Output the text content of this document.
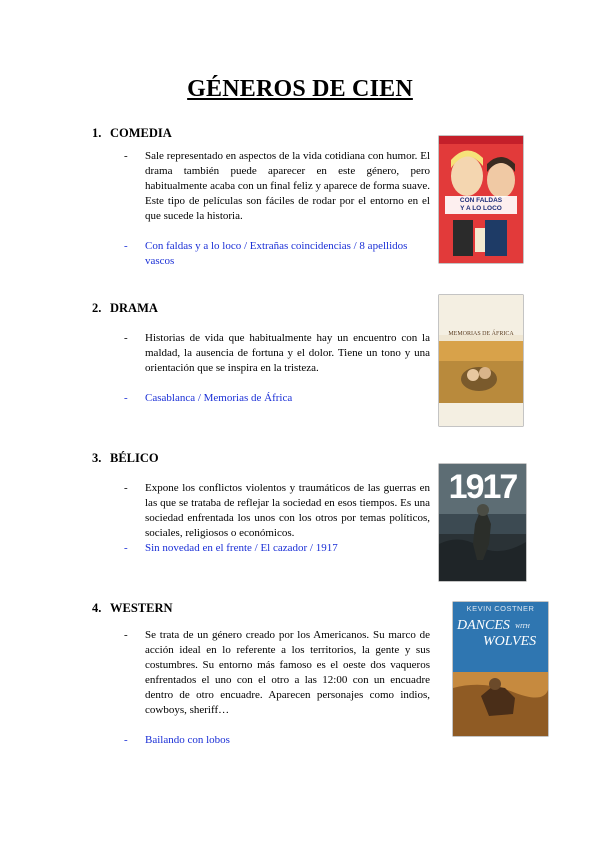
GÉNEROS DE CIEN
1. COMEDIA
- Sale representado en aspectos de la vida cotidiana con humor. El drama también puede aparecer en este género, pero habitualmente acaba con un final feliz y aparece de forma suave. Este tipo de películas son fáciles de rodar por el entorno en el que sucede la historia.
- Con faldas y a lo loco / Extrañas coincidencias / 8 apellidos vascos
CON FALDAS
Y A LO LOCO
2. DRAMA
- Historias de vida que habitualmente hay un encuentro con la maldad, la ausencia de fortuna y el dolor. Tiene un tono y una orientación que se inspira en la tristeza.
- Casablanca / Memorias de África
MEMORIAS DE ÁFRICA
3. BÉLICO
- Expone los conflictos violentos y traumáticos de las guerras en las que se trataba de reflejar la sociedad en esos tiempos. Es una sociedad enfrentada los unos con los otros por temas políticos, sociales, religiosos o económicos.
- Sin novedad en el frente / El cazador / 1917
1917
4. WESTERN
- Se trata de un género creado por los Americanos. Su marco de acción ideal en lo referente a los territorios, la gente y sus costumbres. Su entorno más famoso es el oeste dos vaqueros enfrentados el uno con el otro a las 12:00 con un encuadre dentro de otro encuadre. Aparecen personajes como indios, cowboys, sheriff…
- Bailando con lobos
KEVIN COSTNER
DANCES WITH
WOLVES
